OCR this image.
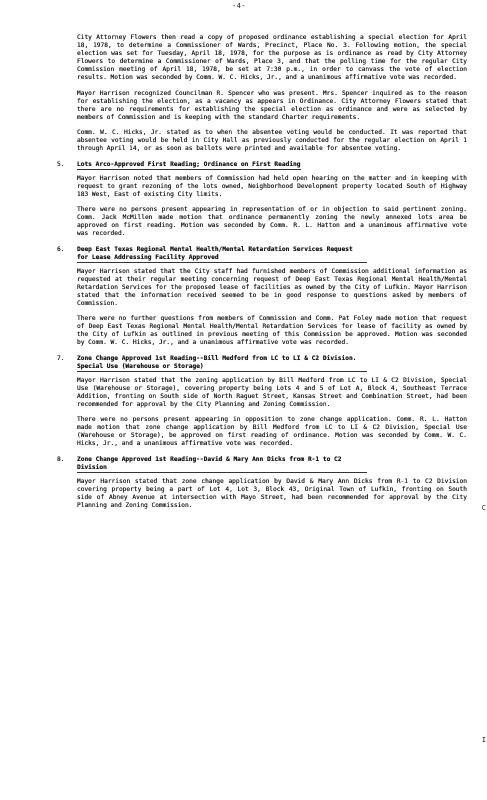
-4-

City Attorney Flowers then read a copy of proposed ordinance establishing a special election for April 18, 1978, to determine a Commissioner of Wards, Precinct, Place No. 3. Following motion, the special election was set for Tuesday, April 18, 1978, for the purpose as is ordinance as read by City Attorney Flowers to determine a Commissioner of Wards, Place 3, and that the polling time for the regular City Commission meeting of April 18, 1978, be set at 7:30 p.m., in order to canvass the vote of election results. Motion was seconded by Comm. W. C. Hicks, Jr., and a unanimous affirmative vote was recorded.

Mayor Harrison recognized Councilman R. Spencer who was present. Mrs. Spencer inquired as to the reason for establishing the election, as a vacancy as appears in Ordinance. City Attorney Flowers stated that there are no requirements for establishing the special election as ordinance and were as selected by members of Commission and is keeping with the standard Charter requirements.

Comm. W. C. Hicks, Jr. stated as to when the absentee voting would be conducted. It was reported that absentee voting would be held in City Hall as previously conducted for the regular election on April 1 through April 14, or as soon as ballots were printed and available for absentee voting.

5. Lots Arco-Approved First Reading; Ordinance on First Reading

Mayor Harrison noted that members of Commission had held open hearing on the matter and in keeping with request to grant rezoning of the lots owned, Neighborhood Development property located South of Highway 183 West, East of existing City limits.

There were no persons present appearing in representation of or in objection to said pertinent zoning. Comm. Jack McMillen made motion that ordinance permanently zoning the newly annexed lots area be approved on first reading. Motion was seconded by Comm. R. L. Hatton and a unanimous affirmative vote was recorded.

6. Deep East Texas Regional Mental Health/Mental Retardation Services Request for Lease Addressing Facility Approved

Mayor Harrison stated that the City staff had furnished members of Commission additional information as requested at their regular meeting concerning request of Deep East Texas Regional Mental Health/Mental Retardation Services for the proposed lease of facilities as owned by the City of Lufkin. Mayor Harrison stated that the information received seemed to be in good response to questions asked by members of Commission.

There were no further questions from members of Commission and Comm. Pat Foley made motion that request of Deep East Texas Regional Mental Health/Mental Retardation Services for lease of facility as owned by the City of Lufkin as outlined in previous meeting of this Commission be approved. Motion was seconded by Comm. W. C. Hicks, Jr., and a unanimous affirmative vote was recorded.

7. Zone Change Approved 1st Reading--Bill Medford from LC to LI & C2 Division. Special Use (Warehouse or Storage)

Mayor Harrison stated that the zoning application by Bill Medford from LC to LI & C2 Division, Special Use (Warehouse or Storage), covering property being Lots 4 and 5 of Lot A, Block 4, Southeast Terrace Addition, fronting on South side of North Raguet Street, Kansas Street and Combination Street, had been recommended for approval by the City Planning and Zoning Commission.

There were no persons present appearing in opposition to zone change application. Comm. R. L. Hatton made motion that zone change application by Bill Medford from LC to LI & C2 Division, Special Use (Warehouse or Storage), be approved on first reading of ordinance. Motion was seconded by Comm. W. C. Hicks, Jr., and a unanimous affirmative vote was recorded.

8. Zone Change Approved 1st Reading--David & Mary Ann Dicks from R-1 to C2 Division

Mayor Harrison stated that zone change application by David & Mary Ann Dicks from R-1 to C2 Division covering property being a part of Lot 4, Lot 3, Block 43, Original Town of Lufkin, fronting on South side of Abney Avenue at intersection with Mayo Street, had been recommended for approval by the City Planning and Zoning Commission.	C
I
